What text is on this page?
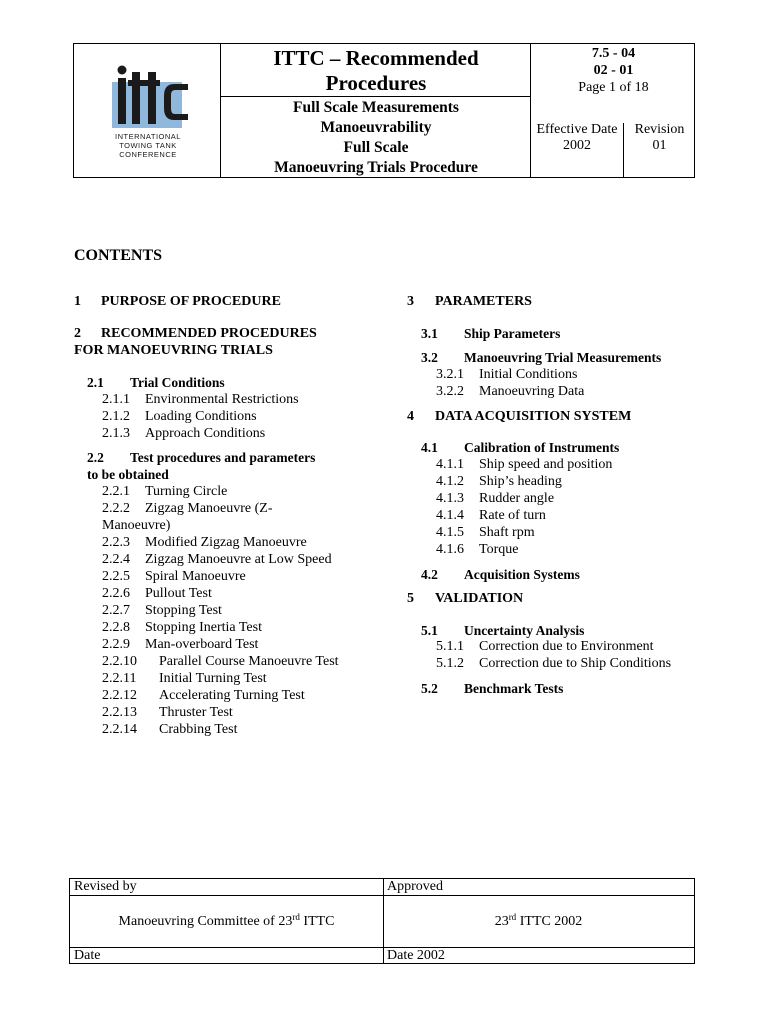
INTERNATIONAL
TOWING TANK
CONFERENCE
ITTC – Recommended
Procedures
Full Scale Measurements
Manoeuvrability
Full Scale
Manoeuvring Trials Procedure
7.5 - 04
02 - 01
Page 1 of 18
Effective Date
2002
Revision
01
CONTENTS
1 PURPOSE OF PROCEDURE
2 RECOMMENDED PROCEDURES
FOR MANOEUVRING TRIALS
2.1 Trial Conditions
2.1.1 Environmental Restrictions
2.1.2 Loading Conditions
2.1.3 Approach Conditions
2.2 Test procedures and parameters
to be obtained
2.2.1 Turning Circle
2.2.2 Zigzag Manoeuvre (Z-
Manoeuvre)
2.2.3 Modified Zigzag Manoeuvre
2.2.4 Zigzag Manoeuvre at Low Speed
2.2.5 Spiral Manoeuvre
2.2.6 Pullout Test
2.2.7 Stopping Test
2.2.8 Stopping Inertia Test
2.2.9 Man-overboard Test
2.2.10 Parallel Course Manoeuvre Test
2.2.11 Initial Turning Test
2.2.12 Accelerating Turning Test
2.2.13 Thruster Test
2.2.14 Crabbing Test
3 PARAMETERS
3.1 Ship Parameters
3.2 Manoeuvring Trial Measurements
3.2.1 Initial Conditions
3.2.2 Manoeuvring Data
4 DATA ACQUISITION SYSTEM
4.1 Calibration of Instruments
4.1.1 Ship speed and position
4.1.2 Ship’s heading
4.1.3 Rudder angle
4.1.4 Rate of turn
4.1.5 Shaft rpm
4.1.6 Torque
4.2 Acquisition Systems
5 VALIDATION
5.1 Uncertainty Analysis
5.1.1 Correction due to Environment
5.1.2 Correction due to Ship Conditions
5.2 Benchmark Tests
Revised by	Approved
Manoeuvring Committee of 23rd ITTC	23rd ITTC 2002
Date	Date 2002
